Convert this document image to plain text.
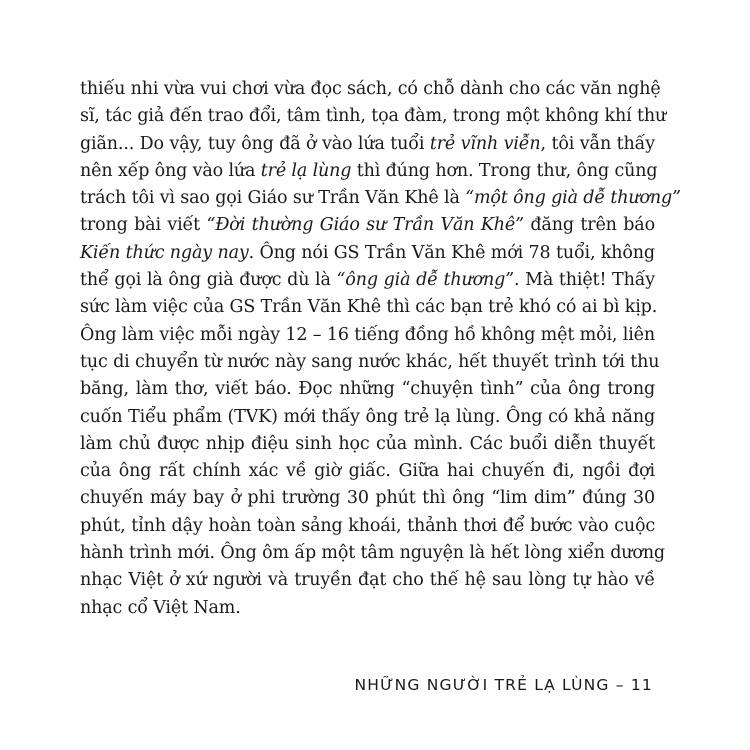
thiếu nhi vừa vui chơi vừa đọc sách, có chỗ dành cho các văn nghệ
sĩ, tác giả đến trao đổi, tâm tình, tọa đàm, trong một không khí thư
giãn... Do vậy, tuy ông đã ở vào lứa tuổi trẻ vĩnh viễn, tôi vẫn thấy
nên xếp ông vào lứa trẻ lạ lùng thì đúng hơn. Trong thư, ông cũng
trách tôi vì sao gọi Giáo sư Trần Văn Khê là “một ông già dễ thương”
trong bài viết “Đời thường Giáo sư Trần Văn Khê” đăng trên báo
Kiến thức ngày nay. Ông nói GS Trần Văn Khê mới 78 tuổi, không
thể gọi là ông già được dù là “ông già dễ thương”. Mà thiệt! Thấy
sức làm việc của GS Trần Văn Khê thì các bạn trẻ khó có ai bì kịp.
Ông làm việc mỗi ngày 12 – 16 tiếng đồng hồ không mệt mỏi, liên
tục di chuyển từ nước này sang nước khác, hết thuyết trình tới thu
băng, làm thơ, viết báo. Đọc những “chuyện tình” của ông trong
cuốn Tiểu phẩm (TVK) mới thấy ông trẻ lạ lùng. Ông có khả năng
làm chủ được nhịp điệu sinh học của mình. Các buổi diễn thuyết
của ông rất chính xác về giờ giấc. Giữa hai chuyến đi, ngồi đợi
chuyến máy bay ở phi trường 30 phút thì ông “lim dim” đúng 30
phút, tỉnh dậy hoàn toàn sảng khoái, thảnh thơi để bước vào cuộc
hành trình mới. Ông ôm ấp một tâm nguyện là hết lòng xiển dương
nhạc Việt ở xứ người và truyền đạt cho thế hệ sau lòng tự hào về
nhạc cổ Việt Nam.

NHỮNG NGƯỜI TRẺ LẠ LÙNG – 11
